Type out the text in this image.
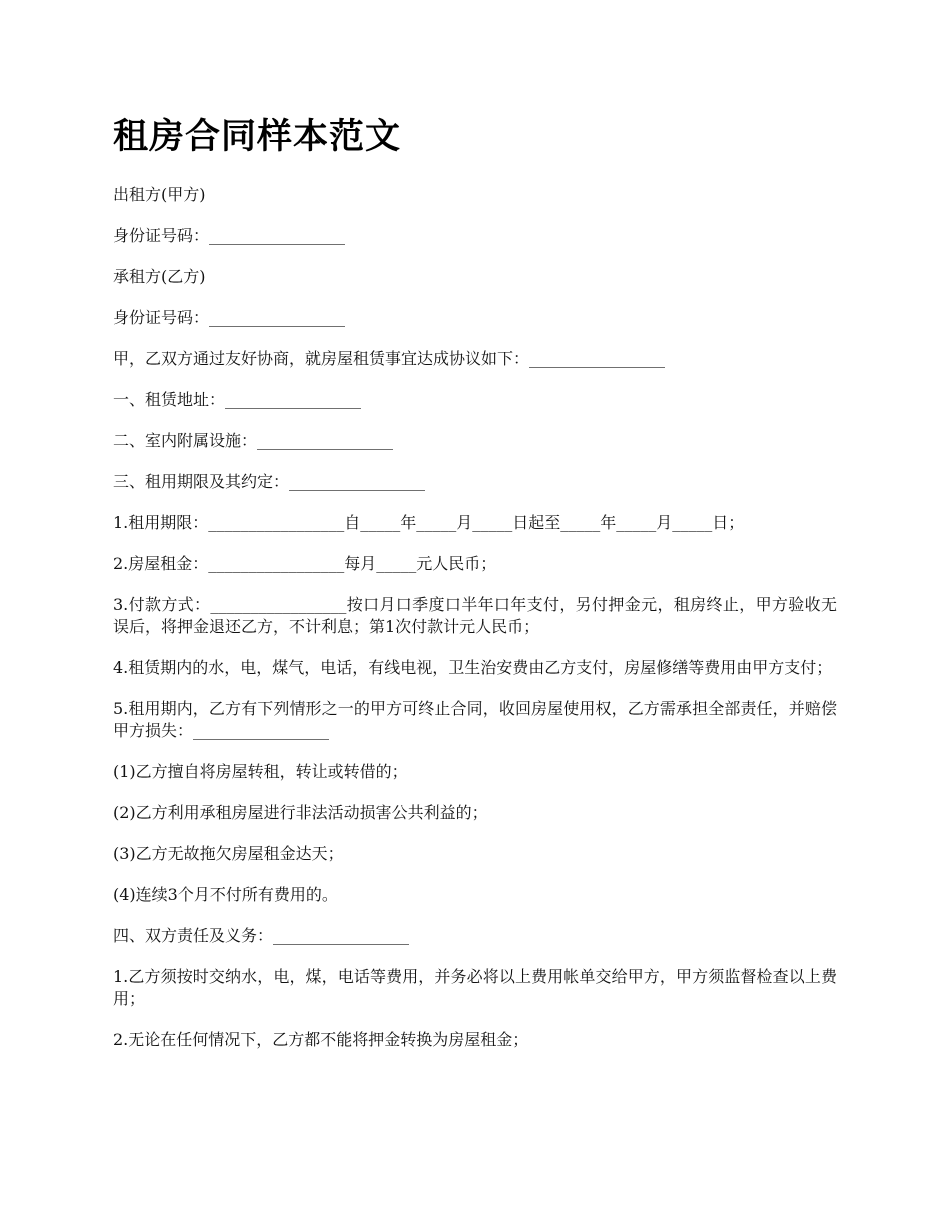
租房合同样本范文

出租方(甲方)

身份证号码：_________________

承租方(乙方)

身份证号码：_________________

甲，乙双方通过友好协商，就房屋租赁事宜达成协议如下：_________________

一、租赁地址：_________________

二、室内附属设施：_________________

三、租用期限及其约定：_________________

1.租用期限：_________________自_____年_____月_____日起至_____年_____月_____日；

2.房屋租金：_________________每月_____元人民币；

3.付款方式：_________________按口月口季度口半年口年支付，另付押金元，租房终止，甲方验收无误后，将押金退还乙方，不计利息；第1次付款计元人民币；

4.租赁期内的水，电，煤气，电话，有线电视，卫生治安费由乙方支付，房屋修缮等费用由甲方支付；

5.租用期内，乙方有下列情形之一的甲方可终止合同，收回房屋使用权，乙方需承担全部责任，并赔偿甲方损失：_________________

(1)乙方擅自将房屋转租，转让或转借的；

(2)乙方利用承租房屋进行非法活动损害公共利益的；

(3)乙方无故拖欠房屋租金达天；

(4)连续3个月不付所有费用的。

四、双方责任及义务：_________________

1.乙方须按时交纳水，电，煤，电话等费用，并务必将以上费用帐单交给甲方，甲方须监督检查以上费用；

2.无论在任何情况下，乙方都不能将押金转换为房屋租金；
